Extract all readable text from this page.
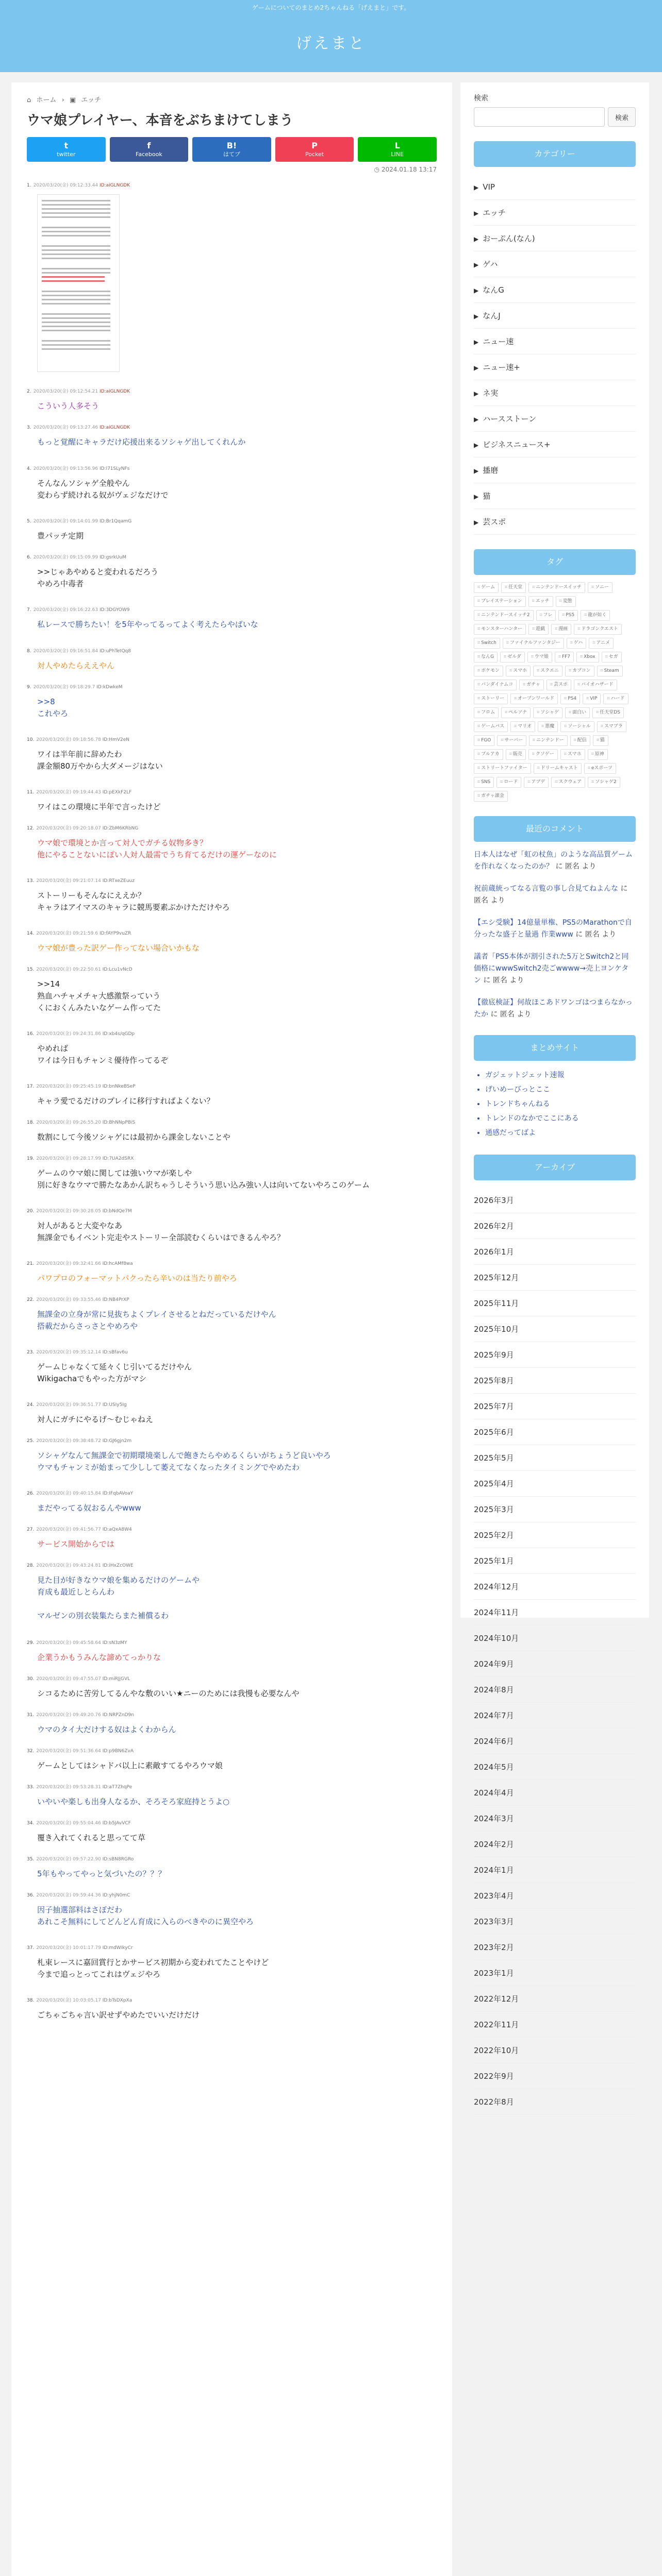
ゲームについてのまとめ2ちゃんねる「げえまと」です。
げえまと
⌂ ホーム › ▣ エッチ
ウマ娘プレイヤー、本音をぶちまけてしまう
t
twitter
f
Facebook
B!
はてブ
P
Pocket
L
LINE
◷ 2024.01.18 13:17
1. 2020/03/20(金) 09:12:33.44 ID:aiGLNGDK
2. 2020/03/20(金) 09:12:54.21 ID:aiGLNGDK
こういう人多そう
3. 2020/03/20(金) 09:13:27.46 ID:aiGLNGDK
もっと覚醒にキャラだけ応援出来るソシャゲ出してくれんか
4. 2020/03/20(金) 09:13:56.96 ID:l71SLyNFs
そんなんソシャゲ全般やん
変わらず続けれる奴がヴェジなだけで
5. 2020/03/20(金) 09:14:01.99 ID:Br1QqamG
豊パッチ定期
6. 2020/03/20(金) 09:15:09.99 ID:gsrkUuM
>>じゃあやめると変われるだろう
やめろ中毒者
7. 2020/03/20(金) 09:16:22.63 ID:3DGYOW9
私レースで勝ちたい！を5年やってるってよく考えたらやばいな
8. 2020/03/20(金) 09:16:51.84 ID:uPhTetQq8
対人やめたらええやん
9. 2020/03/20(金) 09:18:29.7 ID:kDwkeM
>>8
これやろ
10. 2020/03/20(金) 09:18:56.78 ID:HmV2eN
ワイは半年前に辞めたわ
課金額80万やから大ダメージはない
11. 2020/03/20(金) 09:19:44.43 ID:pEXkF2LF
ワイはこの環境に半年で言ったけど
12. 2020/03/20(金) 09:20:18.07 ID:ZbM6KRbNG
ウマ娘で環境とか言って対人でガチる奴物多き？
他にやることないにぽい人対人最需でうち育てるだけの運ゲーなのに
13. 2020/03/20(金) 09:21:07.14 ID:RTxeZEuuz
ストーリーもそんなにええか？
キャラはアイマスのキャラに競馬要素ぶかけただけやろ
14. 2020/03/20(金) 09:21:59.6 ID:fAYP9vuZR
ウマ娘が豊った訳ゲー作ってない場合いかもな
15. 2020/03/20(金) 09:22:50.61 ID:Lcu1vNcD
>>14
熟血ハチャメチャ大感激祭っていう
くにおくんみたいなゲーム作ってた
16. 2020/03/20(金) 09:24:31.86 ID:xb4s/qGDp
やめれば
ワイは今日もチャンミ優待作ってるぞ
17. 2020/03/20(金) 09:25:45.19 ID:bnNkeBSeP
キャラ愛でるだけのプレイに移行すればよくない？
18. 2020/03/20(金) 09:26:55.20 ID:BhNNpPBiS
数割にして今後ソシャゲには最初から課金しないことや
19. 2020/03/20(金) 09:28:17.99 ID:7UA2dSRX
ゲームのウマ娘に関しては強いウマが楽しや
別に好きなウマで勝たなあかん訳ちゃうしそういう思い込み強い人は向いてないやろこのゲーム
20. 2020/03/20(金) 09:30:28.05 ID:bNdQe7M
対人があると大変やなあ
無課金でもイベント完走やストーリー全部読むくらいはできるんやろ？
21. 2020/03/20(金) 09:32:41.66 ID:hcAMf8wa
パワプロのフォーマットパクったら辛いのは当たり前やろ
22. 2020/03/20(金) 09:33:55.46 ID:NB4PrXP
無課金の立身が常に見抜ちよくプレイさせるとねだっているだけやん
搭載だからさっさとやめろや
23. 2020/03/20(金) 09:35:12.14 ID:sBfav6u
ゲームじゃなくて延々くじ引いてるだけやん
Wikigachaでもやった方がマシ
24. 2020/03/20(金) 09:36:51.77 ID:USIy5Ig
対人にガチにやるげ～むじゃねえ
25. 2020/03/20(金) 09:38:48.72 ID:GJ6gjn2m
ソシャゲなんて無課金で初期環境楽しんで飽きたらやめるくらいがちょうど良いやろ
ウマもチャンミが始まって少しして萎えてなくなったタイミングでやめたわ
26. 2020/03/20(金) 09:40:15.84 ID:IFqbAVoaY
まだやってる奴おるんやwww
27. 2020/03/20(金) 09:41:56.77 ID:aQxA8W4
サービス開始からでは
28. 2020/03/20(金) 09:43:24.81 ID:iHxZcOWE
見た目が好きなウマ娘を集めるだけのゲームや
育成も最近しとらんわ
マルゼンの別衣装集たらまた補償るわ
29. 2020/03/20(金) 09:45:58.64 ID:sN3zMY
企業うかもうみんな諦めてっかりな
30. 2020/03/20(金) 09:47:55.07 ID:miRJjGVL
シコるために苦労してるんやな敷のいい★ニーのためには我慢も必要なんや
31. 2020/03/20(金) 09:49:20.76 ID:NRPZnD9n
ウマのタイ大だけする奴はよくわからん
32. 2020/03/20(金) 09:51:36.64 ID:p9BN6ZvA
ゲームとしてはシャドバ以上に素敵すてるやろウマ娘
33. 2020/03/20(金) 09:53:28.31 ID:aT7ZhqPe
いやいや楽しも出身人なるか、そろそろ家庭持とうよ○
34. 2020/03/20(金) 09:55:04.46 ID:b5JAvVCF
覆き入れてくれると思ってて草
35. 2020/03/20(金) 09:57:22.90 ID:sBN8RGRo
5年もやってやっと気づいたの？？？
36. 2020/03/20(金) 09:59:44.36 ID:yhjN0mC
因子抽選部料はさぼだわ
あれこそ無料にしてどんどん育成に入らのべきやのに異空やろ
37. 2020/03/20(金) 10:01:17.79 ID:mdWIkyCr
札束レースに嘉回賞行とかサービス初期から変われてたことやけど
今まで追っとってこれはヴェジやろ
38. 2020/03/20(金) 10:03:05.17 ID:bTsDXpXa
ごちゃごちゃ言い訳せずやめたでいいだけだけ
検索
検索
カテゴリー
▶ VIP
▶ エッチ
▶ おーぷん(なん)
▶ ゲハ
▶ なんG
▶ なんJ
▶ ニュー速
▶ ニュー速+
▶ ネ実
▶ ハースストーン
▶ ビジネスニュース+
▶ 播磨
▶ 猫
▶ 芸スポ
タグ
⌗ ゲーム	⌗ 任天堂	⌗ ニンテンドースイッチ	⌗ ソニー
⌗ プレイステーション	⌗ エッチ	⌗ 変態
⌗ ニンテンドースイッチ2	⌗ フレ	⌗ PS5	⌗ 龍が如く
⌗ モンスターハンター	⌗ 遊戯	⌗ 漫画	⌗ ドラゴンクエスト
⌗ Switch	⌗ ファイナルファンタジー	⌗ ゲハ	⌗ アニメ
⌗ なんG	⌗ ゼルダ	⌗ ウマ娘	⌗ FF7	⌗ Xbox	⌗ セガ
⌗ ポケモン	⌗ スマホ	⌗ スクエニ	⌗ カプコン	⌗ Steam
⌗ バンダイナムコ	⌗ ガチャ	⌗ 芸スポ	⌗ バイオハザード
⌗ ストーリー	⌗ オープンワールド	⌗ PS4	⌗ VIP	⌗ ハード
⌗ フロム	⌗ ペルソナ	⌗ ソシャゲ	⌗ 面白い	⌗ 任天堂DS
⌗ ゲームパス	⌗ マリオ	⌗ 悪魔	⌗ ソーシャル	⌗ スマブラ
⌗ FGO	⌗ サーバー	⌗ ニンテンドー	⌗ 配信	⌗ 猫
⌗ ブルアカ	⌗ 販売	⌗ クソゲー	⌗ スマホ	⌗ 原神
⌗ ストリートファイター	⌗ ドリームキャスト	⌗ eスポーツ
⌗ SNS	⌗ ロード	⌗ アプデ	⌗ スクウェア	⌗ ソシャゲ2
⌗ ガチャ課金
最近のコメント
日本人はなぜ「虹の杖魚」のような高品質ゲームを作れなくなったのか？ に 匿名 より
祝前蔵統ってなる言覧の事し合見てねよんな に 匿名 より
【エシ受験】14億量単権、PS5のMarathonで自分ったな盛子と量過 作業www に 匿名 より
議者「PS5本体が割引された5万とSwitch2と同価格にwwwSwitch2売ごwwww→売上ヨンケタン に 匿名 より
【徹底検証】何故ほこあドワンゴはつまらなかったか に 匿名 より
まとめサイト
• ガジェットジェット速報
• げいめーびっとここ
• トレンドちゃんねる
• トレンドのなかでここにある
• 通感だってばよ
アーカイブ
2026年3月
2026年2月
2026年1月
2025年12月
2025年11月
2025年10月
2025年9月
2025年8月
2025年7月
2025年6月
2025年5月
2025年4月
2025年3月
2025年2月
2025年1月
2024年12月
2024年11月
2024年10月
2024年9月
2024年8月
2024年7月
2024年6月
2024年5月
2024年4月
2024年3月
2024年2月
2024年1月
2023年4月
2023年3月
2023年2月
2023年1月
2022年12月
2022年11月
2022年10月
2022年9月
2022年8月
